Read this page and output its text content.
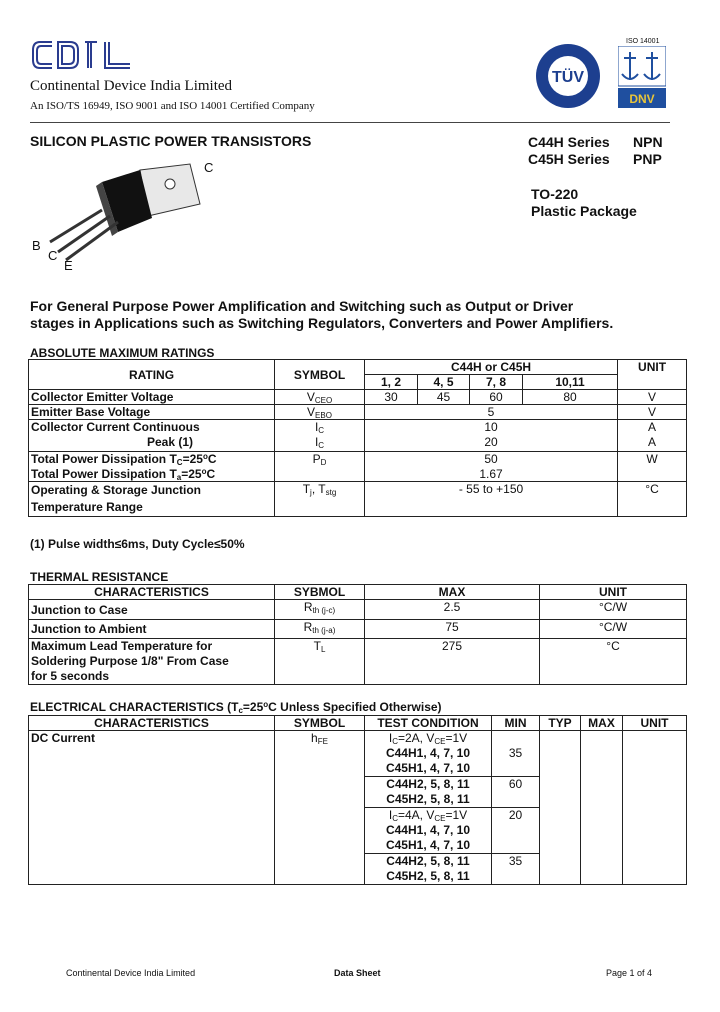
CDIL
Continental Device India Limited
An ISO/TS 16949, ISO 9001 and ISO 14001 Certified Company
TÜV
ISO 14001
DNV
SILICON PLASTIC POWER TRANSISTORS	C44H Series NPN
C45H Series PNP
TO-220
Plastic Package
C
B
C
E
For General Purpose Power Amplification and Switching such as Output or Driver
stages in Applications such as Switching Regulators, Converters and Power Amplifiers.
ABSOLUTE MAXIMUM RATINGS
RATING	SYMBOL	C44H or C45H				UNIT
		1, 2	4, 5	7, 8	10,11	
Collector Emitter Voltage	$V_{CEO}$	30	45	60	80	V
Emitter Base Voltage	$V_{EBO}$	5				V
Collector Current Continuous	$I_C$	10				A
Peak (1)	$I_C$	20				A
Total Power Dissipation $T_C=25^oC$	$P_D$	50				W
Total Power Dissipation $T_a=25^oC$		1.67				

Operating & Storage Junction
Temperature Range	$T_j$, $T_{stg}$	- 55 to +150				°C
(1) Pulse width≤6ms, Duty Cycle≤50%
THERMAL RESISTANCE
CHARACTERISTICS	SYBMOL	MAX	UNIT
Junction to Case	$R_{th (j-c)}$	2.5	°C/W
Junction to Ambient	$R_{th (j-a)}$	75	°C/W

Maximum Lead Temperature for
Soldering Purpose 1/8" From Case
for 5 seconds	$T_L$	275	°C
ELECTRICAL CHARACTERISTICS ($T_c=25^oC$ Unless Specified Otherwise)
CHARACTERISTICS	SYMBOL	TEST CONDITION	MIN	TYP	MAX	UNIT
DC Current	$h_{FE}$	$I_C=2A$, $V_{CE}=1V$
C44H1, 4, 7, 10
C45H1, 4, 7, 10	35			

		C44H2, 5, 8, 11
C45H2, 5, 8, 11	60			

		$I_C=4A$, $V_{CE}=1V$
C44H1, 4, 7, 10
C45H1, 4, 7, 10	20			

		C44H2, 5, 8, 11
C45H2, 5, 8, 11	35			
Continental Device India Limited	Data Sheet	Page 1 of 4
